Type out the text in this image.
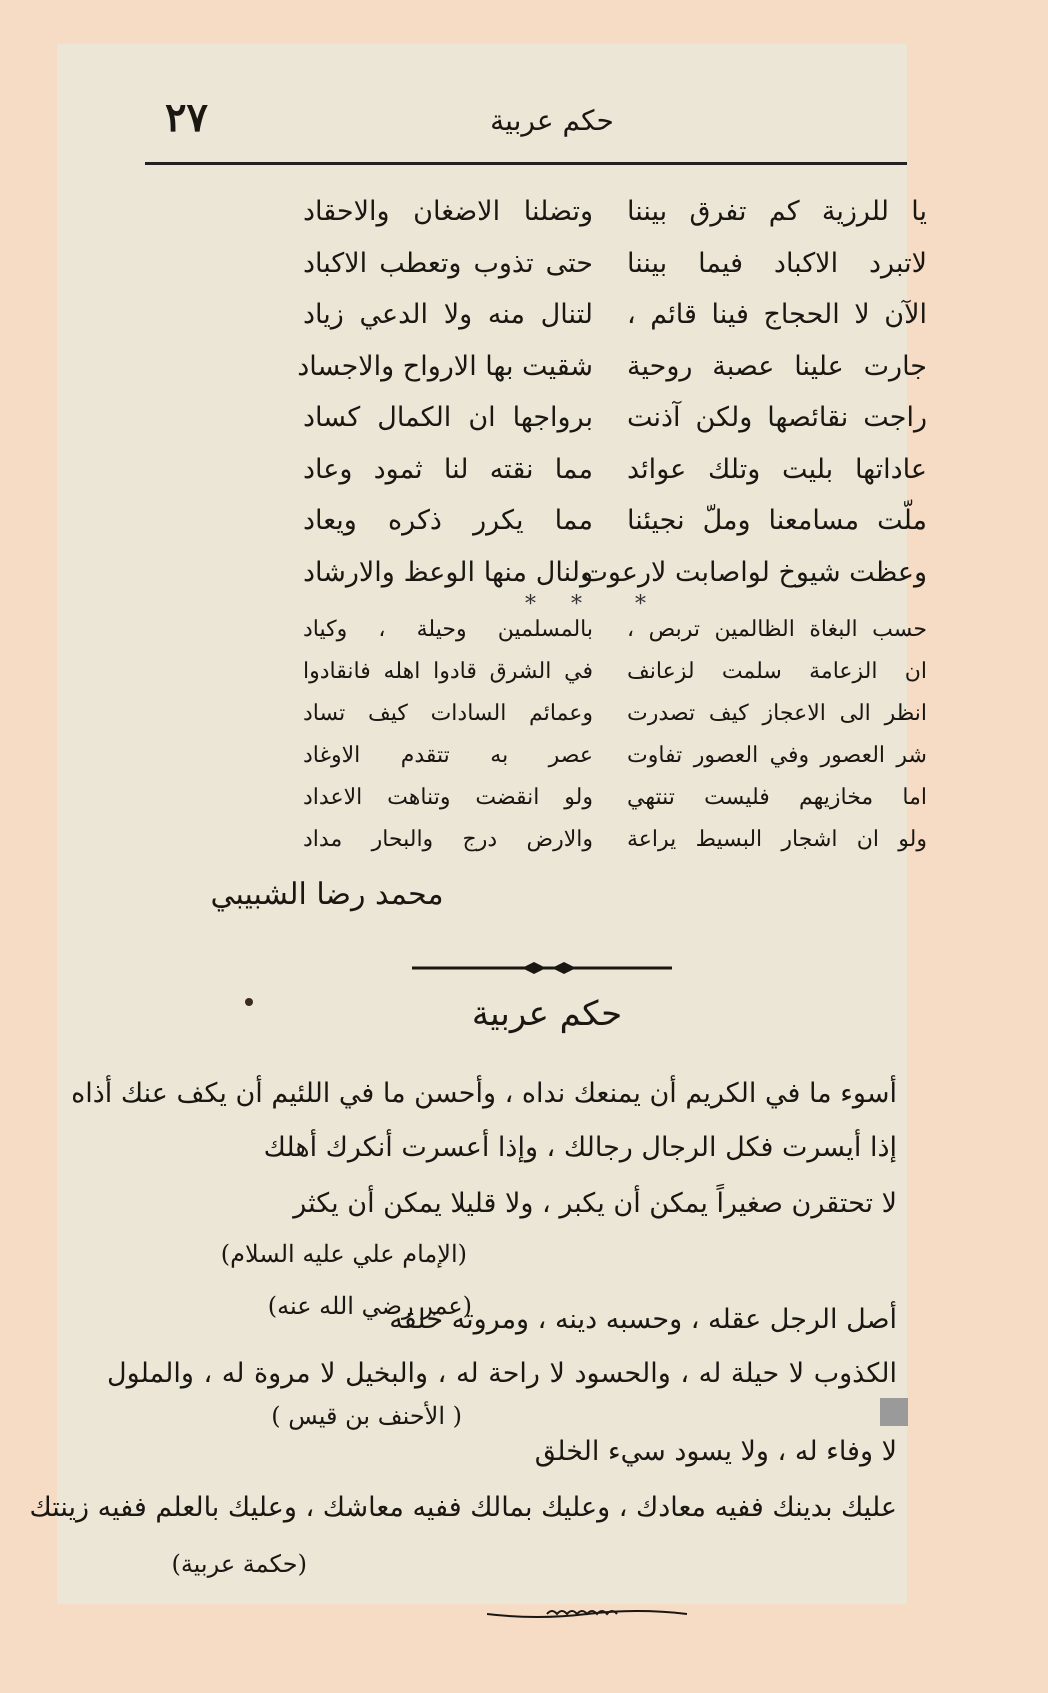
٢٧	حكم عربية
يا للرزية كم تفرق بيننا
وتضلنا الاضغان والاحقاد
لاتبرد الاكباد فيما بيننا
حتى تذوب وتعطب الاكباد
الآن لا الحجاج فينا قائم ،
لتنال منه ولا الدعي زياد
جارت علينا عصبة روحية
شقيت بها الارواح والاجساد
راجت نقائصها ولكن آذنت
برواجها ان الكمال كساد
عاداتها بليت وتلك عوائد
مما نقته لنا ثمود وعاد
ملّت مسامعنا وملّ نجيئنا
مما يكرر ذكره ويعاد
وعظت شيوخ لواصابت لارعوت
ولنال منها الوعظ والارشاد
*
* *
حسب البغاة الظالمين تربص ،
بالمسلمين وحيلة ، وكياد
ان الزعامة سلمت لزعانف
في الشرق قادوا اهله فانقادوا
انظر الى الاعجاز كيف تصدرت
وعمائم السادات كيف تساد
شر العصور وفي العصور تفاوت
عصر به تتقدم الاوغاد
اما مخازيهم فليست تنتهي
ولو انقضت وتناهت الاعداد
ولو ان اشجار البسيط يراعة
والارض درج والبحار مداد
محمد رضا الشبيبي
حكم عربية
أسوء ما في الكريم أن يمنعك نداه ، وأحسن ما في اللئيم أن يكف عنك أذاه
إذا أيسرت فكل الرجال رجالك ، وإذا أعسرت أنكرك أهلك
لا تحتقرن صغيراً يمكن أن يكبر ، ولا قليلا يمكن أن يكثر
(الإمام علي عليه السلام)
أصل الرجل عقله ، وحسبه دينه ، ومروته خلقه
(عمر رضي الله عنه)
الكذوب لا حيلة له ، والحسود لا راحة له ، والبخيل لا مروة له ، والملول
( الأحنف بن قيس )
لا وفاء له ، ولا يسود سيء الخلق
عليك بدينك ففيه معادك ، وعليك بمالك ففيه معاشك ، وعليك بالعلم ففيه زينتك
(حكمة عربية)
